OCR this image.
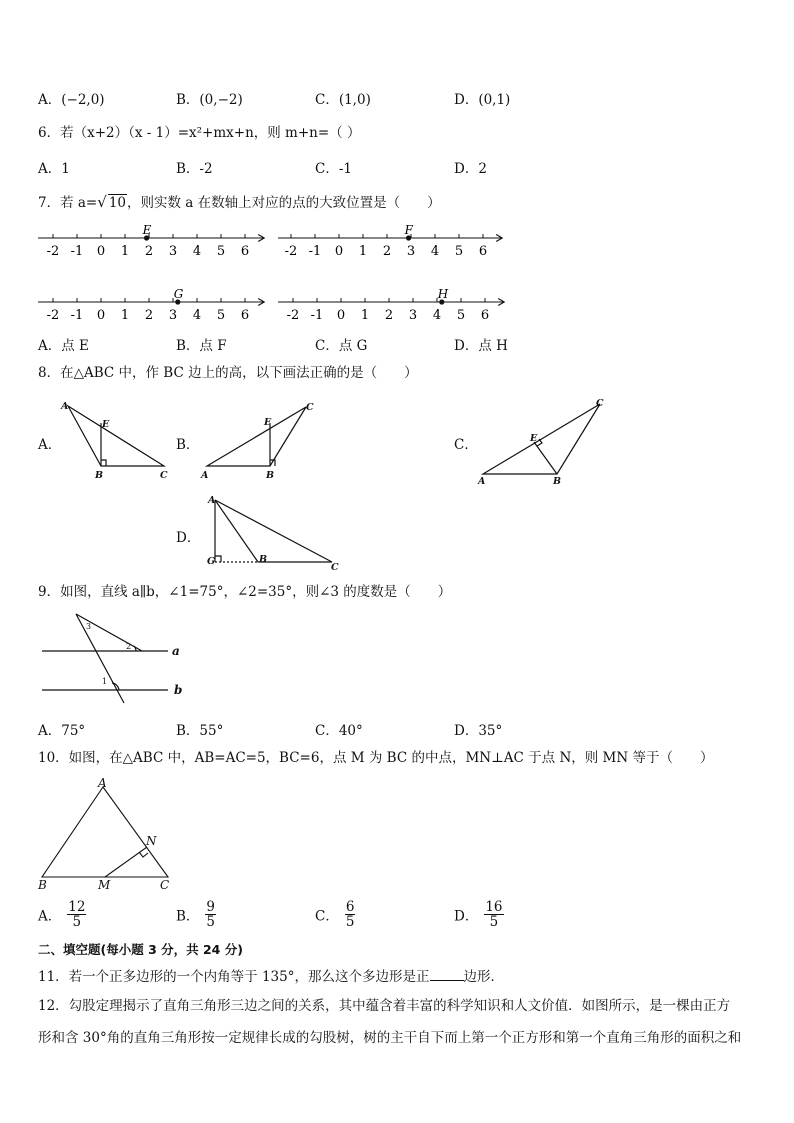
A．(−2,0)	B．(0,−2)	C．(1,0)	D．(0,1)
6．若（x+2）（x - 1）=x²+mx+n，则 m+n=（ ）
A．1	B．-2	C．-1	D．2
7．若 a=√ 10，则实数 a 在数轴上对应的点的大致位置是（　　）
-2 -1 0 1 2 3 4 5 6
E
-2 -1 0 1 2 3 4 5 6
F
-2 -1 0 1 2 3 4 5 6
G
-2 -1 0 1 2 3 4 5 6
H
A．点 E	B．点 F	C．点 G	D．点 H
8．在△ABC 中，作 BC 边上的高，以下画法正确的是（　　）
A．	B．	C．
D．
A
E
B	C
E
A	B
C	C
E
A	B
A
G	B
C
9．如图，直线 a∥b，∠1=75°，∠2=35°，则∠3 的度数是（　　）
3
2
1
a
b
A．75°	B．55°	C．40°	D．35°
10．如图，在△ABC 中，AB=AC=5，BC=6，点 M 为 BC 的中点，MN⊥AC 于点 N，则 MN 等于（　　）
A
B	M	C
N
A． $\frac{12}{5}$	B． $\frac{9}{5}$	C． $\frac{6}{5}$	D． $\frac{16}{5}$
二、填空题(每小题 3 分，共 24 分)
11．若一个正多边形的一个内角等于 135°，那么这个多边形是正	边形．
12．勾股定理揭示了直角三角形三边之间的关系，其中蕴含着丰富的科学知识和人文价值．如图所示，是一棵由正方
形和含 30°角的直角三角形按一定规律长成的勾股树，树的主干自下而上第一个正方形和第一个直角三角形的面积之和
